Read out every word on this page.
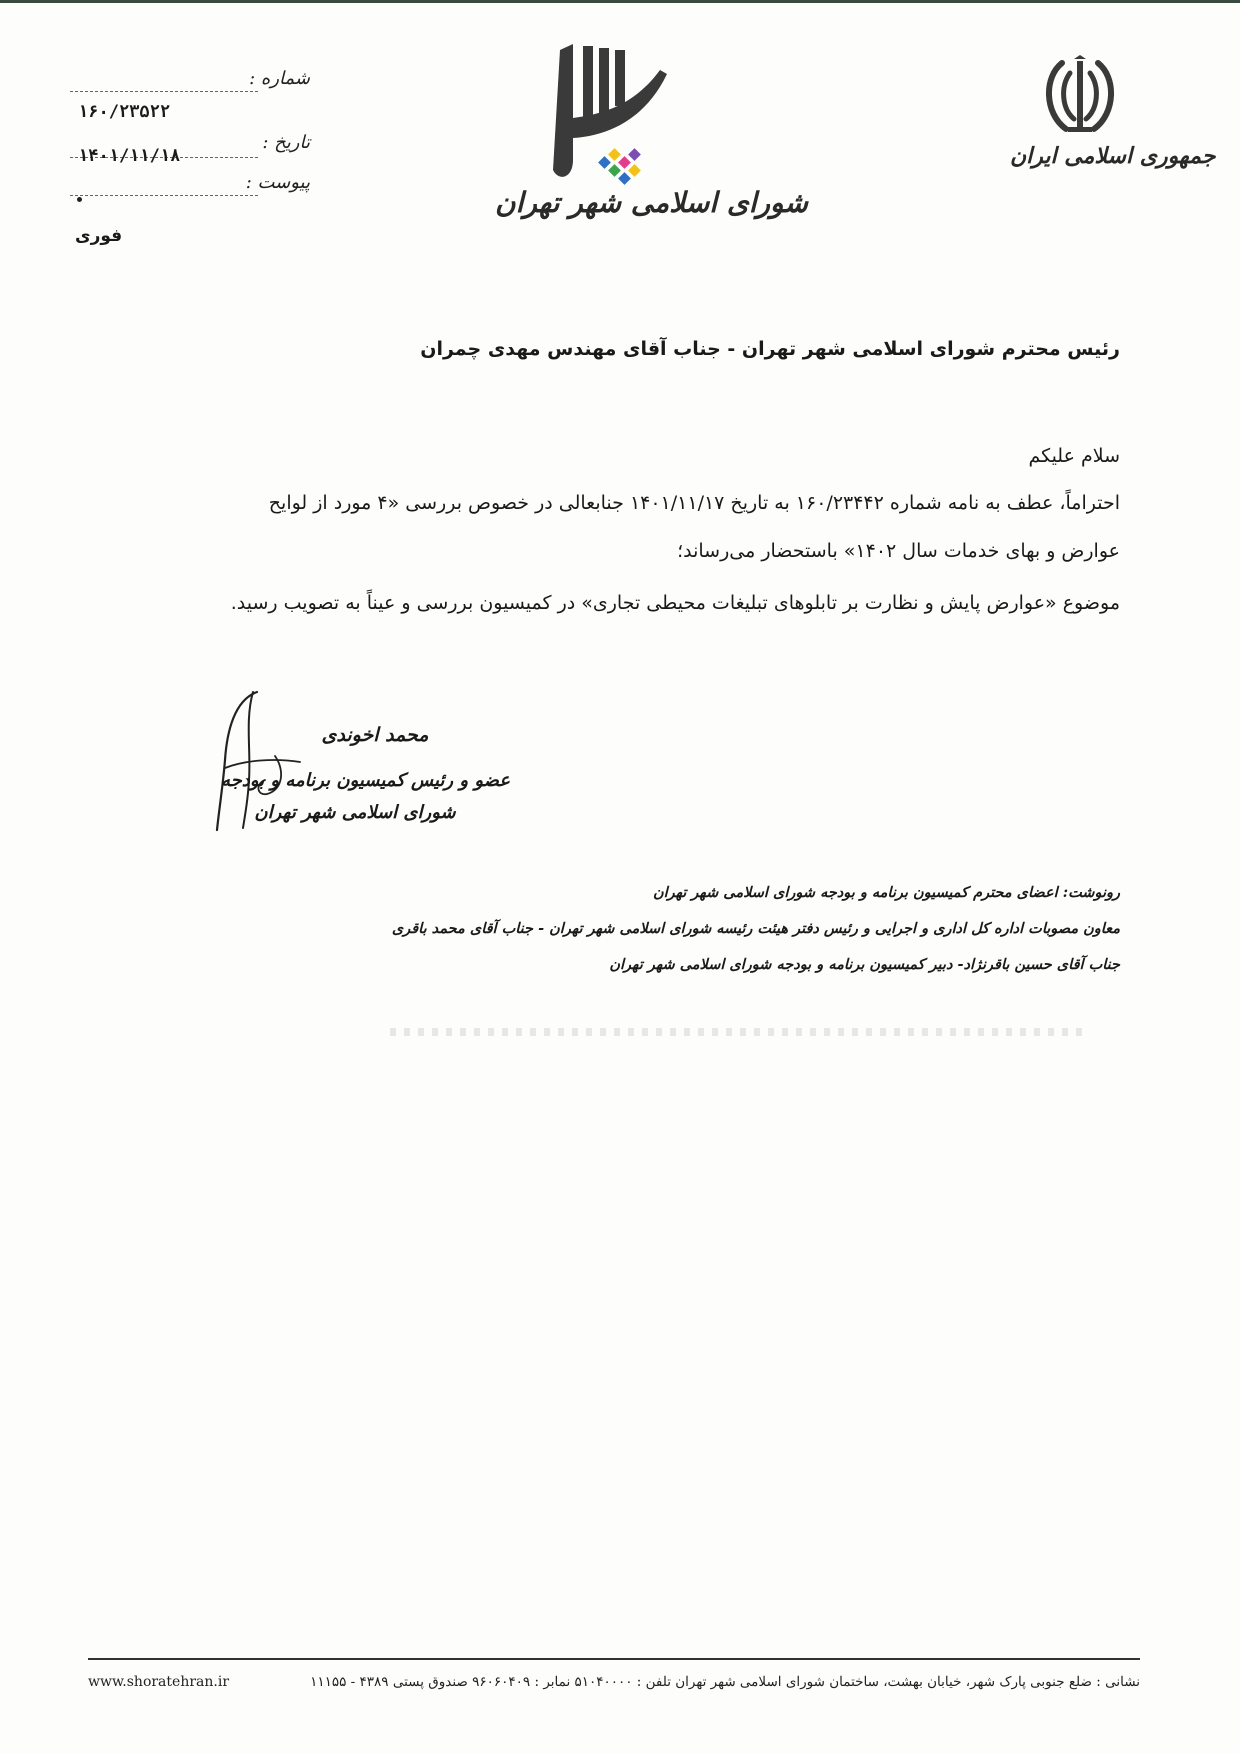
جمهوری اسلامی ایران
شورای اسلامی شهر تهران
شماره :
۱۶۰/۲۳۵۲۲
تاریخ :
۱۴۰۱/۱۱/۱۸
پیوست :
فوری
رئیس محترم شورای اسلامی شهر تهران - جناب آقای مهندس مهدی چمران
سلام علیکم
احتراماً، عطف به نامه شماره ۱۶۰/۲۳۴۴۲ به تاریخ ۱۴۰۱/۱۱/۱۷ جنابعالی در خصوص بررسی «۴ مورد از لوایح
عوارض و بهای خدمات سال ۱۴۰۲» باستحضار می‌رساند؛
موضوع «عوارض پایش و نظارت بر تابلوهای تبلیغات محیطی تجاری» در کمیسیون بررسی و عیناً به تصویب رسید.
محمد اخوندی
عضو و رئیس کمیسیون برنامه و بودجه
شورای اسلامی شهر تهران
رونوشت: اعضای محترم کمیسیون برنامه و بودجه شورای اسلامی شهر تهران
معاون مصوبات اداره کل اداری و اجرایی و رئیس دفتر هیئت رئیسه شورای اسلامی شهر تهران - جناب آقای محمد باقری
جناب آقای حسین باقرنژاد- دبیر کمیسیون برنامه و بودجه شورای اسلامی شهر تهران
نشانی : ضلع جنوبی پارک شهر، خیابان بهشت، ساختمان شورای اسلامی شهر تهران تلفن : ۵۱۰۴۰۰۰۰ نمابر : ۹۶۰۶۰۴۰۹ صندوق پستی ۴۳۸۹ - ۱۱۱۵۵
www.shoratehran.ir
